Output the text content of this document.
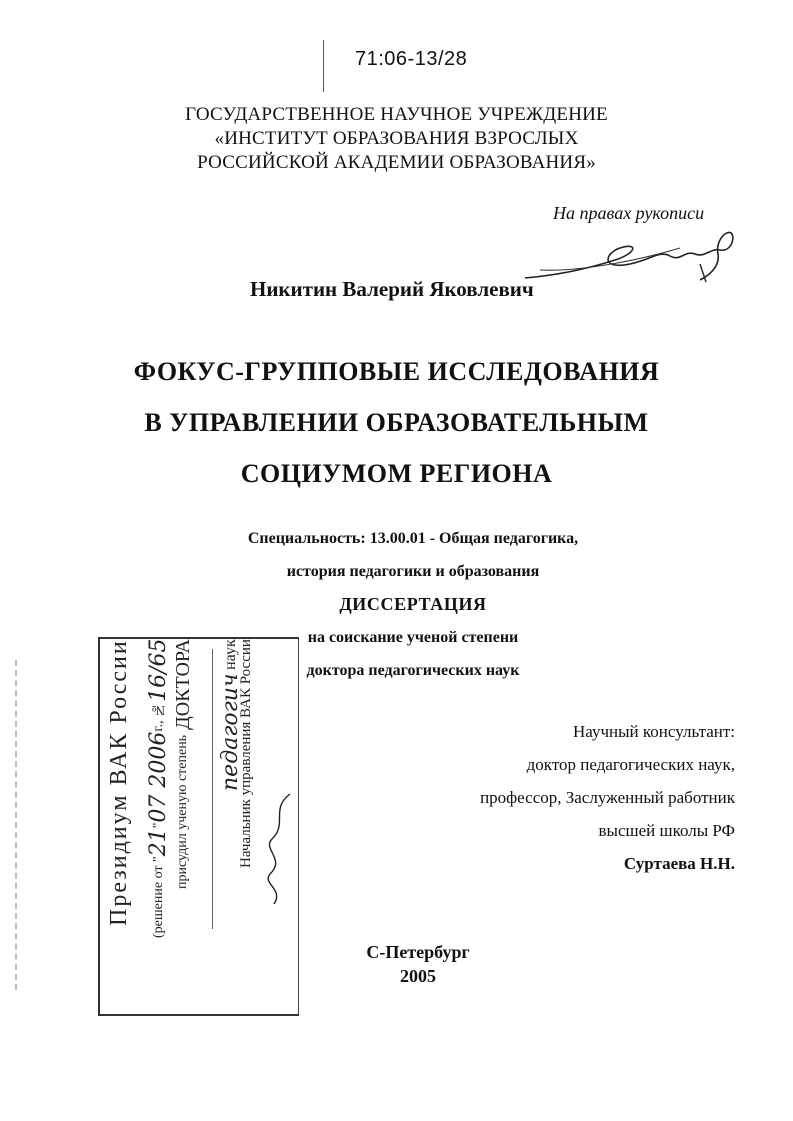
71:06-13/28
ГОСУДАРСТВЕННОЕ НАУЧНОЕ УЧРЕЖДЕНИЕ
«ИНСТИТУТ ОБРАЗОВАНИЯ ВЗРОСЛЫХ
РОССИЙСКОЙ АКАДЕМИИ ОБРАЗОВАНИЯ»
На правах рукописи
Никитин Валерий Яковлевич
ФОКУС-ГРУППОВЫЕ ИССЛЕДОВАНИЯ
В УПРАВЛЕНИИ ОБРАЗОВАТЕЛЬНЫМ
СОЦИУМОМ РЕГИОНА
Специальность: 13.00.01 - Общая педагогика,
история педагогики и образования
ДИССЕРТАЦИЯ
на соискание ученой степени
доктора педагогических наук
Научный консультант:
доктор педагогических наук,
профессор, Заслуженный работник
высшей школы РФ
Суртаева Н.Н.
С-Петербург
2005
Президиум ВАК России	(решение от "21"07 2006г., №16/65
присудил ученую степень ДОКТОРА педагогич наук Начальник управления ВАК России
